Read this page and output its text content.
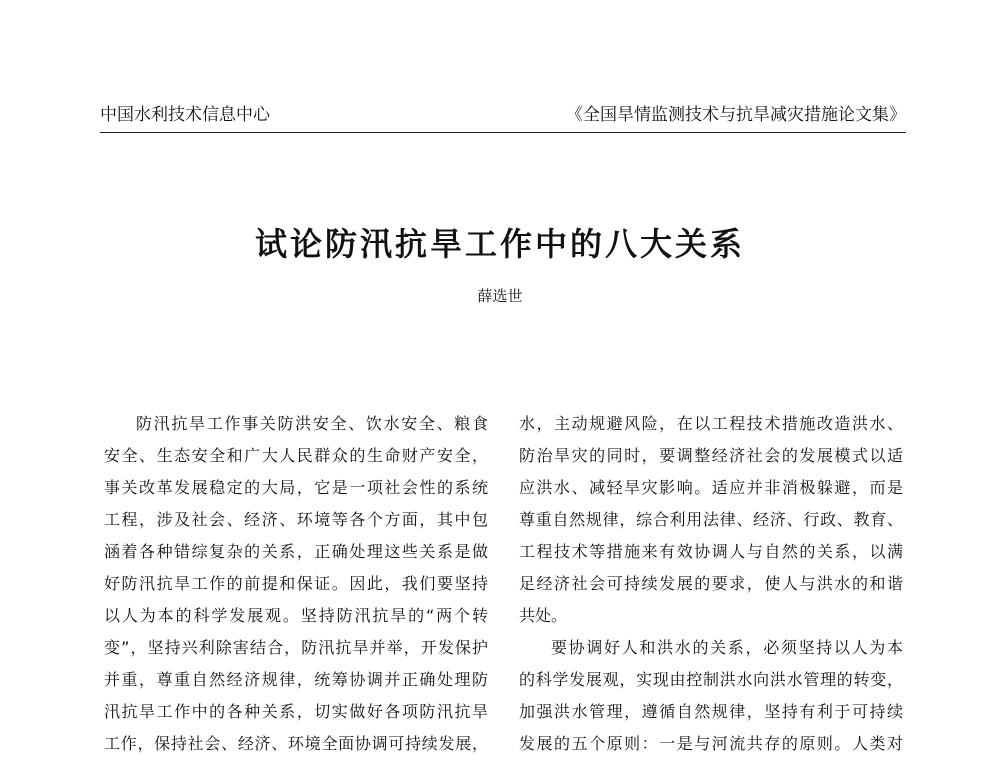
中国水利技术信息中心	《全国旱情监测技术与抗旱减灾措施论文集》
试论防汛抗旱工作中的八大关系
薛选世
防汛抗旱工作事关防洪安全、饮水安全、粮食
安全、生态安全和广大人民群众的生命财产安全，
事关改革发展稳定的大局，它是一项社会性的系统
工程，涉及社会、经济、环境等各个方面，其中包
涵着各种错综复杂的关系，正确处理这些关系是做
好防汛抗旱工作的前提和保证。因此，我们要坚持
以人为本的科学发展观。坚持防汛抗旱的“两个转
变”，坚持兴利除害结合，防汛抗旱并举，开发保护
并重，尊重自然经济规律，统筹协调并正确处理防
汛抗旱工作中的各种关系，切实做好各项防汛抗旱
工作，保持社会、经济、环境全面协调可持续发展，
水，主动规避风险，在以工程技术措施改造洪水、
防治旱灾的同时，要调整经济社会的发展模式以适
应洪水、减轻旱灾影响。适应并非消极躲避，而是
尊重自然规律，综合利用法律、经济、行政、教育、
工程技术等措施来有效协调人与自然的关系，以满
足经济社会可持续发展的要求，使人与洪水的和谐
共处。
要协调好人和洪水的关系，必须坚持以人为本
的科学发展观，实现由控制洪水向洪水管理的转变，
加强洪水管理，遵循自然规律，坚持有利于可持续
发展的五个原则：一是与河流共存的原则。人类对
